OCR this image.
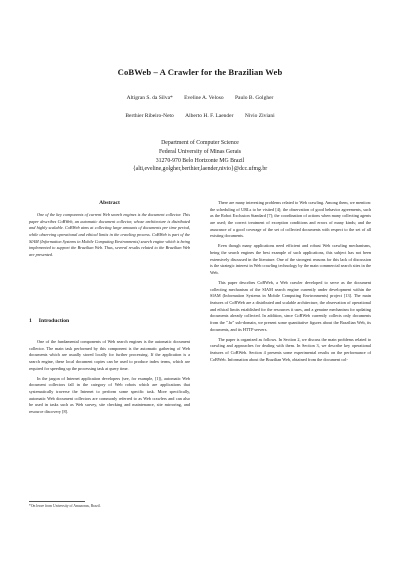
CoBWeb – A Crawler for the Brazilian Web
Altigran S. da Silva* Eveline A. Veloso Paulo B. Golgher
Berthier Ribeiro-Neto Alberto H. F. Laender Nivio Ziviani
Department of Computer Science
Federal University of Minas Gerais
31270-970 Belo Horizonte MG Brazil
{alti,eveline,golgher,berthier,laender,nivio}@dcc.ufmg.br
Abstract

One of the key components of current Web search engines is the document collector. This paper describes CoBWeb, an automatic document collector, whose architecture is distributed and highly scalable. CoBWeb aims at collecting large amounts of documents per time period, while observing operational and ethical limits in the crawling process. CoBWeb is part of the SIAM (Information Systems in Mobile Computing Environments) search engine which is being implemented to support the Brazilian Web. Thus, several results related to the Brazilian Web are presented.

1 Introduction

One of the fundamental components of Web search engines is the automatic document collector. The main task performed by this component is the automatic gathering of Web documents which are usually stored locally for further processing. If the application is a search engine, these local document copies can be used to produce index terms, which are required for speeding up the processing task at query time.

In the jargon of Internet application developers (see, for example, [1]), automatic Web document collectors fall in the category of Web robots which are applications that systematically traverse the Internet to perform some specific task. More specifically, automatic Web document collectors are commonly referred to as Web crawlers and can also be used in tasks such as Web survey, site checking and maintenance, site mirroring, and resource discovery [8].

*On leave from University of Amazonas, Brazil.

There are many interesting problems related to Web crawling. Among them, we mention: the scheduling of URLs to be visited [4]; the observation of good behavior agreements, such as the Robot Exclusion Standard [7]; the coordination of actions when many collecting agents are used; the correct treatment of exception conditions and errors of many kinds; and the assurance of a good coverage of the set of collected documents with respect to the set of all existing documents.

Even though many applications need efficient and robust Web crawling mechanisms, being the search engines the best example of such applications, this subject has not been extensively discussed in the literature. One of the strongest reasons for this lack of discussion is the strategic interest in Web crawling technology by the main commercial search sites in the Web.

This paper describes CoBWeb, a Web crawler developed to serve as the document collecting mechanism of the SIAM search engine currently under development within the SIAM (Information Systems in Mobile Computing Environments) project [13]. The main features of CoBWeb are a distributed and scalable architecture, the observation of operational and ethical limits established for the resources it uses, and a genuine mechanism for updating documents already collected. In addition, since CoBWeb currently collects only documents from the ".br" sub-domain, we present some quantitative figures about the Brazilian Web, its documents, and its HTTP servers.

The paper is organized as follows. In Section 2, we discuss the main problems related to crawling and approaches for dealing with them. In Section 3, we describe key operational features of CoBWeb. Section 4 presents some experimental results on the performance of CoBWeb. Information about the Brazilian Web, obtained from the document col-
